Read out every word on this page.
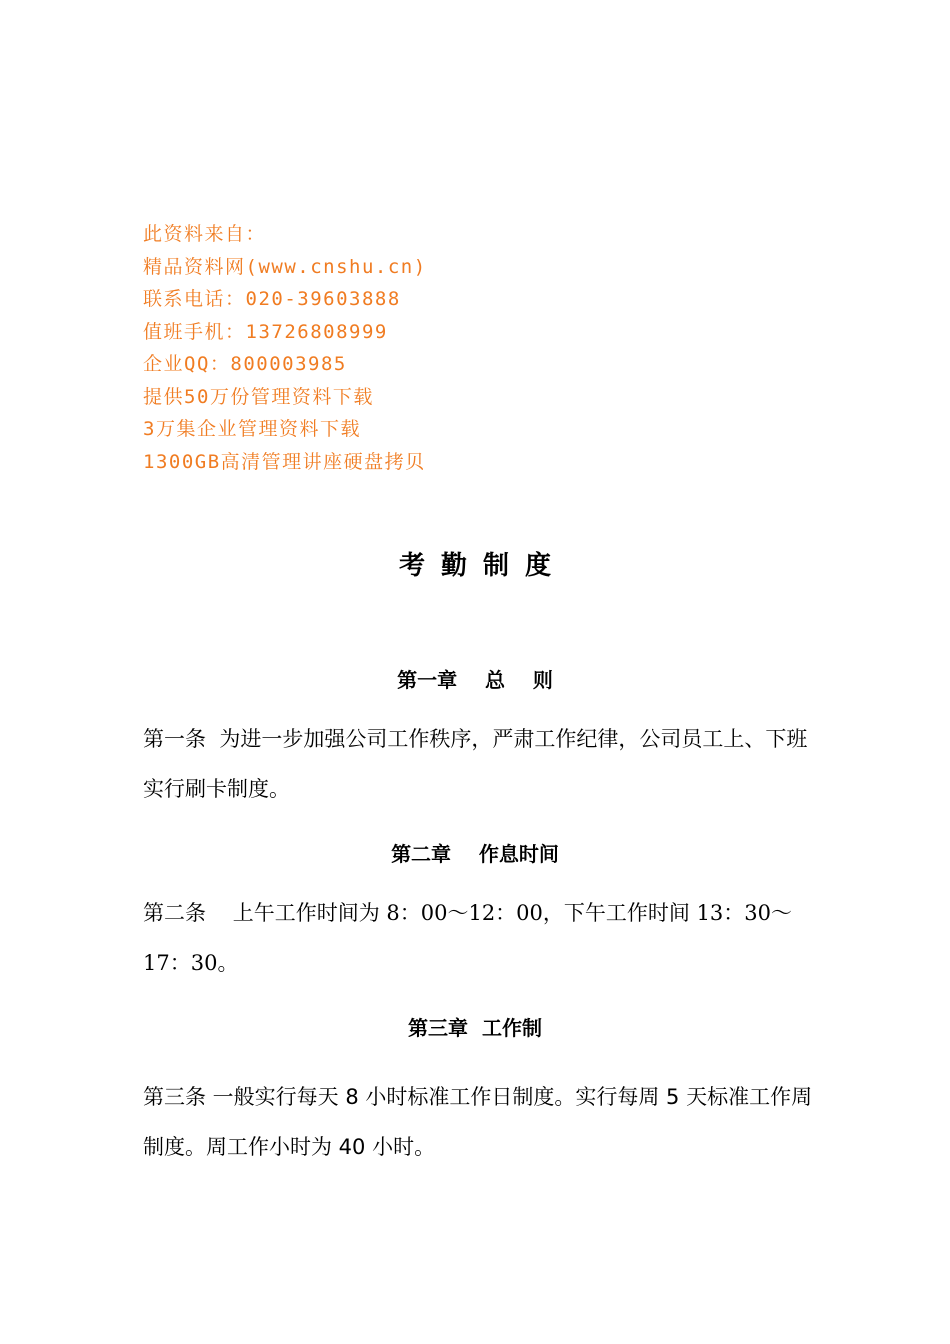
此资料来自：
精品资料网(www.cnshu.cn)
联系电话：020-39603888
值班手机：13726808999
企业QQ：800003985
提供50万份管理资料下载
3万集企业管理资料下载
1300GB高清管理讲座硬盘拷贝
考勤制度
第一章    总    则
第一条  为进一步加强公司工作秩序，严肃工作纪律，公司员工上、下班实行刷卡制度。
第二章    作息时间
第二条    上午工作时间为 8：00～12：00，下午工作时间 13：30～17：30。
第三章  工作制
第三条 一般实行每天 8 小时标准工作日制度。实行每周 5 天标准工作周制度。周工作小时为 40 小时。
